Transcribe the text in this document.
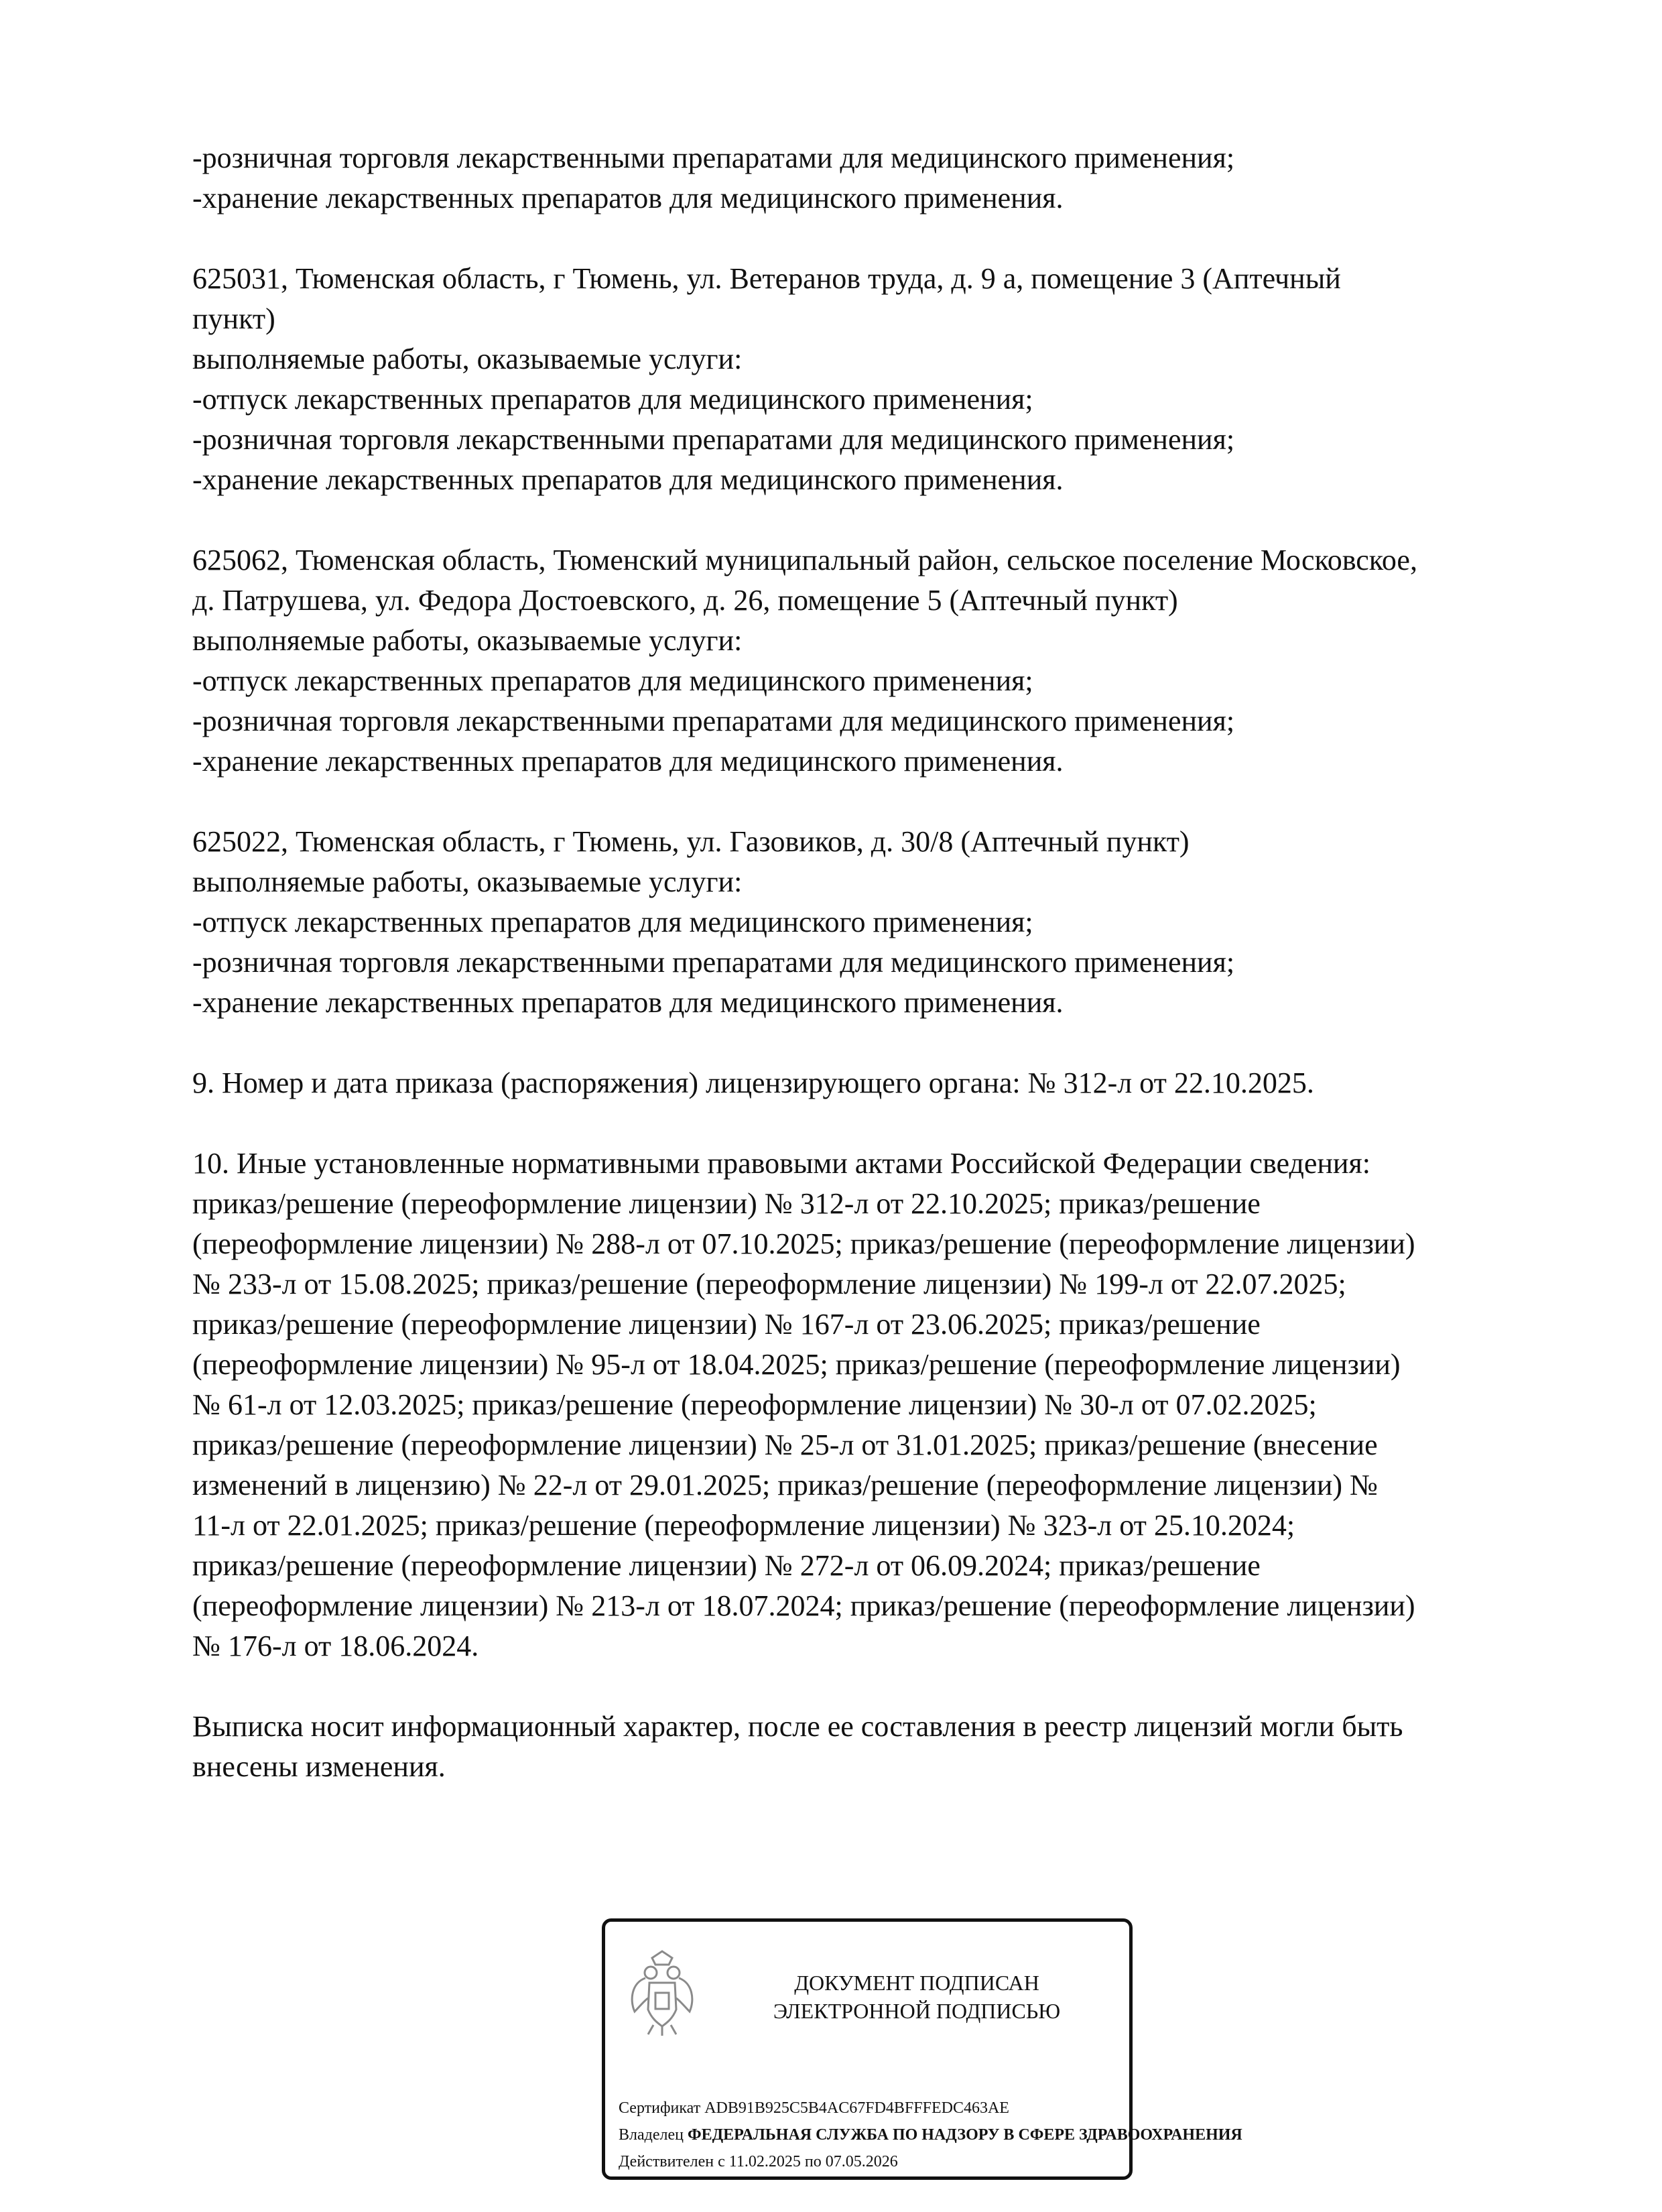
-розничная торговля лекарственными препаратами для медицинского применения;
-хранение лекарственных препаратов для медицинского применения.
625031, Тюменская область, г Тюмень, ул. Ветеранов труда, д. 9 а, помещение 3 (Аптечный
пункт)
выполняемые работы, оказываемые услуги:
-отпуск лекарственных препаратов для медицинского применения;
-розничная торговля лекарственными препаратами для медицинского применения;
-хранение лекарственных препаратов для медицинского применения.
625062, Тюменская область, Тюменский муниципальный район, сельское поселение Московское,
д. Патрушева, ул. Федора Достоевского, д. 26, помещение 5 (Аптечный пункт)
выполняемые работы, оказываемые услуги:
-отпуск лекарственных препаратов для медицинского применения;
-розничная торговля лекарственными препаратами для медицинского применения;
-хранение лекарственных препаратов для медицинского применения.
625022, Тюменская область, г Тюмень, ул. Газовиков, д. 30/8 (Аптечный пункт)
выполняемые работы, оказываемые услуги:
-отпуск лекарственных препаратов для медицинского применения;
-розничная торговля лекарственными препаратами для медицинского применения;
-хранение лекарственных препаратов для медицинского применения.
9. Номер и дата приказа (распоряжения) лицензирующего органа: № 312-л от 22.10.2025.
10. Иные установленные нормативными правовыми актами Российской Федерации сведения:
приказ/решение (переоформление лицензии) № 312-л от 22.10.2025; приказ/решение
(переоформление лицензии) № 288-л от 07.10.2025; приказ/решение (переоформление лицензии)
№ 233-л от 15.08.2025; приказ/решение (переоформление лицензии) № 199-л от 22.07.2025;
приказ/решение (переоформление лицензии) № 167-л от 23.06.2025; приказ/решение
(переоформление лицензии) № 95-л от 18.04.2025; приказ/решение (переоформление лицензии)
№ 61-л от 12.03.2025; приказ/решение (переоформление лицензии) № 30-л от 07.02.2025;
приказ/решение (переоформление лицензии) № 25-л от 31.01.2025; приказ/решение (внесение
изменений в лицензию) № 22-л от 29.01.2025; приказ/решение (переоформление лицензии) №
11-л от 22.01.2025; приказ/решение (переоформление лицензии) № 323-л от 25.10.2024;
приказ/решение (переоформление лицензии) № 272-л от 06.09.2024; приказ/решение
(переоформление лицензии) № 213-л от 18.07.2024; приказ/решение (переоформление лицензии)
№ 176-л от 18.06.2024.
Выписка носит информационный характер, после ее составления в реестр лицензий могли быть
внесены изменения.
ДОКУМЕНТ ПОДПИСАН
ЭЛЕКТРОННОЙ ПОДПИСЬЮ
Сертификат ADB91B925C5B4AC67FD4BFFFEDC463AE
Владелец ФЕДЕРАЛЬНАЯ СЛУЖБА ПО НАДЗОРУ В СФЕРЕ ЗДРАВООХРАНЕНИЯ
Действителен с 11.02.2025 по 07.05.2026
